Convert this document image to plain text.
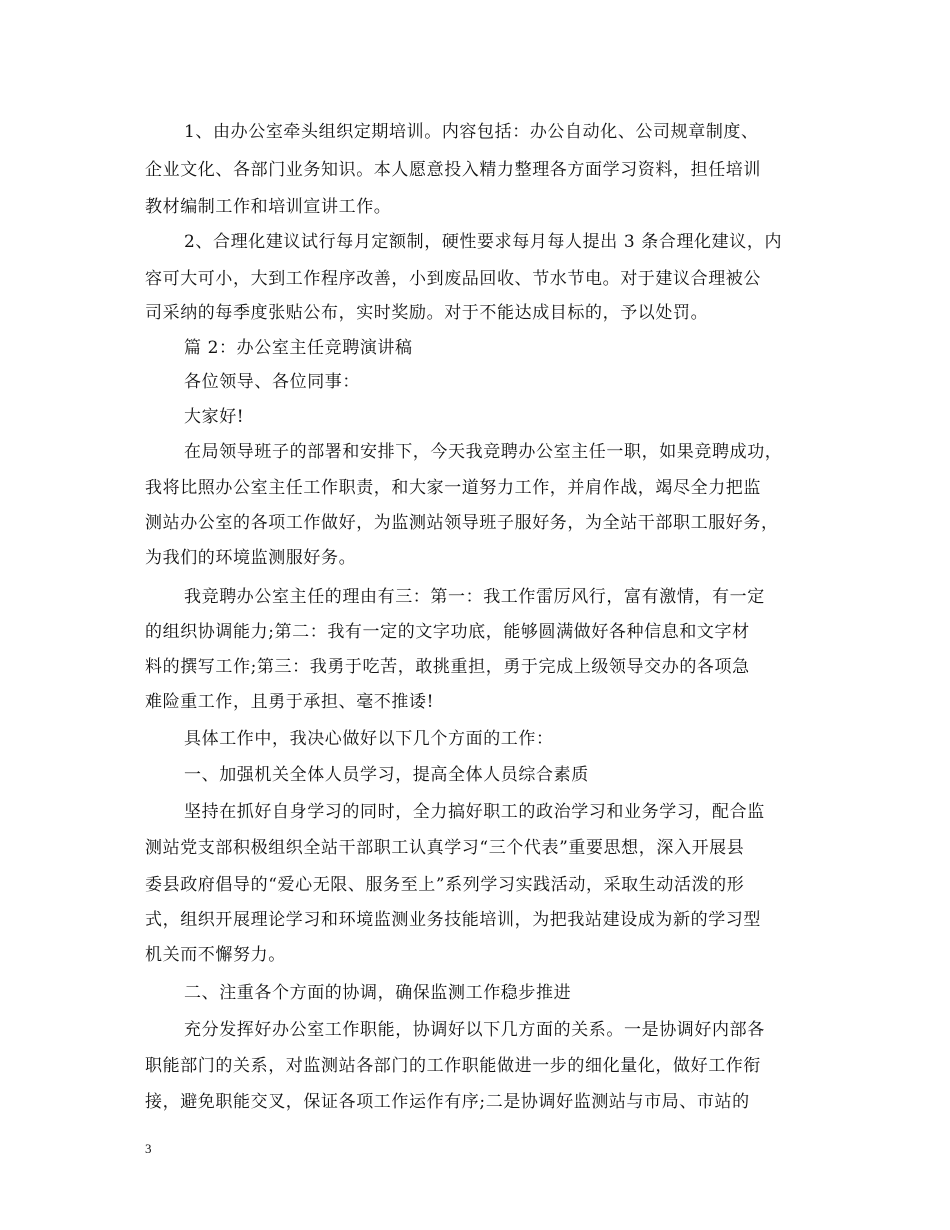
1、由办公室牵头组织定期培训。内容包括：办公自动化、公司规章制度、
企业文化、各部门业务知识。本人愿意投入精力整理各方面学习资料，担任培训
教材编制工作和培训宣讲工作。
2、合理化建议试行每月定额制，硬性要求每月每人提出 3 条合理化建议，内
容可大可小，大到工作程序改善，小到废品回收、节水节电。对于建议合理被公
司采纳的每季度张贴公布，实时奖励。对于不能达成目标的，予以处罚。
篇 2：办公室主任竞聘演讲稿
各位领导、各位同事：
大家好!
在局领导班子的部署和安排下，今天我竞聘办公室主任一职，如果竞聘成功，
我将比照办公室主任工作职责，和大家一道努力工作，并肩作战，竭尽全力把监
测站办公室的各项工作做好，为监测站领导班子服好务，为全站干部职工服好务，
为我们的环境监测服好务。
我竞聘办公室主任的理由有三：第一：我工作雷厉风行，富有激情，有一定
的组织协调能力;第二：我有一定的文字功底，能够圆满做好各种信息和文字材
料的撰写工作;第三：我勇于吃苦，敢挑重担，勇于完成上级领导交办的各项急
难险重工作，且勇于承担、毫不推诿!
具体工作中，我决心做好以下几个方面的工作：
一、加强机关全体人员学习，提高全体人员综合素质
坚持在抓好自身学习的同时，全力搞好职工的政治学习和业务学习，配合监
测站党支部积极组织全站干部职工认真学习“三个代表”重要思想，深入开展县
委县政府倡导的“爱心无限、服务至上”系列学习实践活动，采取生动活泼的形
式，组织开展理论学习和环境监测业务技能培训，为把我站建设成为新的学习型
机关而不懈努力。
二、注重各个方面的协调，确保监测工作稳步推进
充分发挥好办公室工作职能，协调好以下几方面的关系。一是协调好内部各
职能部门的关系，对监测站各部门的工作职能做进一步的细化量化，做好工作衔
接，避免职能交叉，保证各项工作运作有序;二是协调好监测站与市局、市站的
3
